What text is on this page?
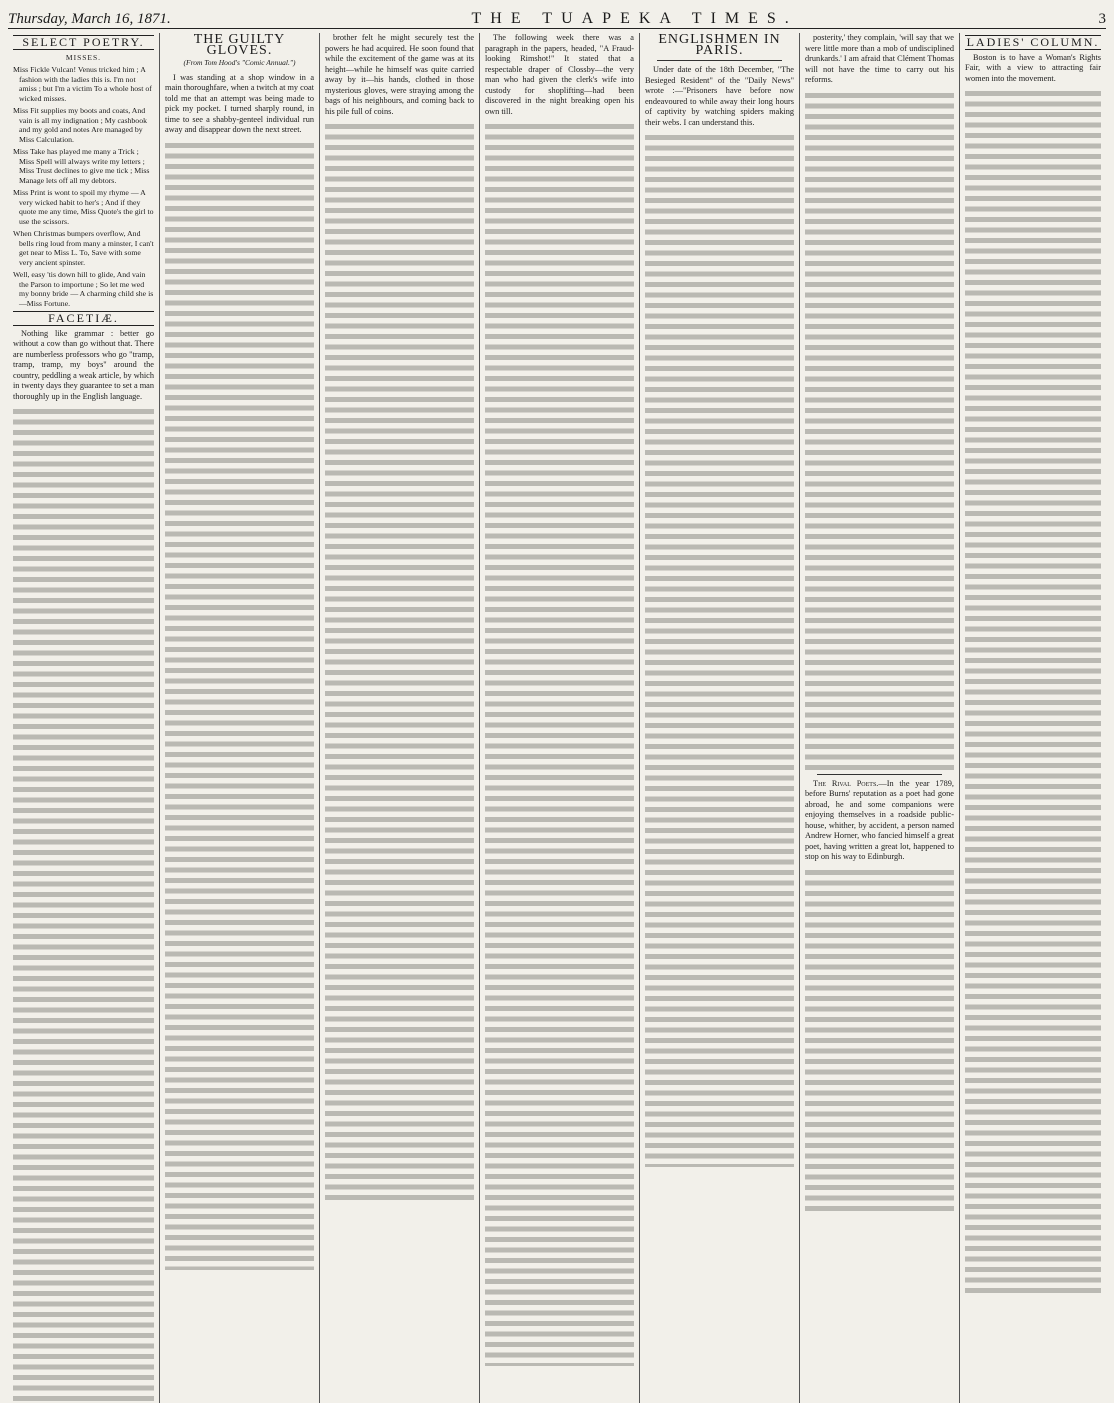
Thursday, March 16, 1871.	THE TUAPEKA TIMES.	3
SELECT POETRY.
MISSES.

Miss Fickle Vulcan! Venus tricked him ; A fashion with the ladies this is. I'm not amiss ; but I'm a victim To a whole host of wicked misses.

Miss Fit supplies my boots and coats, And vain is all my indignation ; My cashbook and my gold and notes Are managed by Miss Calculation.

Miss Take has played me many a Trick ; Miss Spell will always write my letters ; Miss Trust declines to give me tick ; Miss Manage lets off all my debtors.

Miss Print is wont to spoil my rhyme — A very wicked habit to her's ; And if they quote me any time, Miss Quote's the girl to use the scissors.

When Christmas bumpers overflow, And bells ring loud from many a minster, I can't get near to Miss L. To, Save with some very ancient spinster.

Well, easy 'tis down hill to glide, And vain the Parson to importune ; So let me wed my bonny bride — A charming child she is—Miss Fortune.

FACETIÆ.

Nothing like grammar : better go without a cow than go without that. There are numberless professors who go "tramp, tramp, tramp, my boys" around the country, peddling a weak article, by which in twenty days they guarantee to set a man thoroughly up in the English language.

THE GUILTY GLOVES.
(From Tom Hood's "Comic Annual.")

I was standing at a shop window in a main thoroughfare, when a twitch at my coat told me that an attempt was being made to pick my pocket. I turned sharply round, in time to see a shabby-genteel individual run away and disappear down the next street.

brother felt he might securely test the powers he had acquired. He soon found that while the excitement of the game was at its height—while he himself was quite carried away by it—his hands, clothed in those mysterious gloves, were straying among the bags of his neighbours, and coming back to his pile full of coins.

The following week there was a paragraph in the papers, headed, "A Fraud-looking Rimshot!" It stated that a respectable draper of Clossby—the very man who had given the clerk's wife into custody for shoplifting—had been discovered in the night breaking open his own till.

ENGLISHMEN IN PARIS.

Under date of the 18th December, "The Besieged Resident" of the "Daily News" wrote :—"Prisoners have before now endeavoured to while away their long hours of captivity by watching spiders making their webs. I can understand this.

posterity,' they complain, 'will say that we were little more than a mob of undisciplined drunkards.' I am afraid that Clément Thomas will not have the time to carry out his reforms.

The Rival Poets.—In the year 1789, before Burns' reputation as a poet had gone abroad, he and some companions were enjoying themselves in a roadside public-house, whither, by accident, a person named Andrew Horner, who fancied himself a great poet, having written a great lot, happened to stop on his way to Edinburgh.

LADIES' COLUMN.

Boston is to have a Woman's Rights Fair, with a view to attracting fair women into the movement.
